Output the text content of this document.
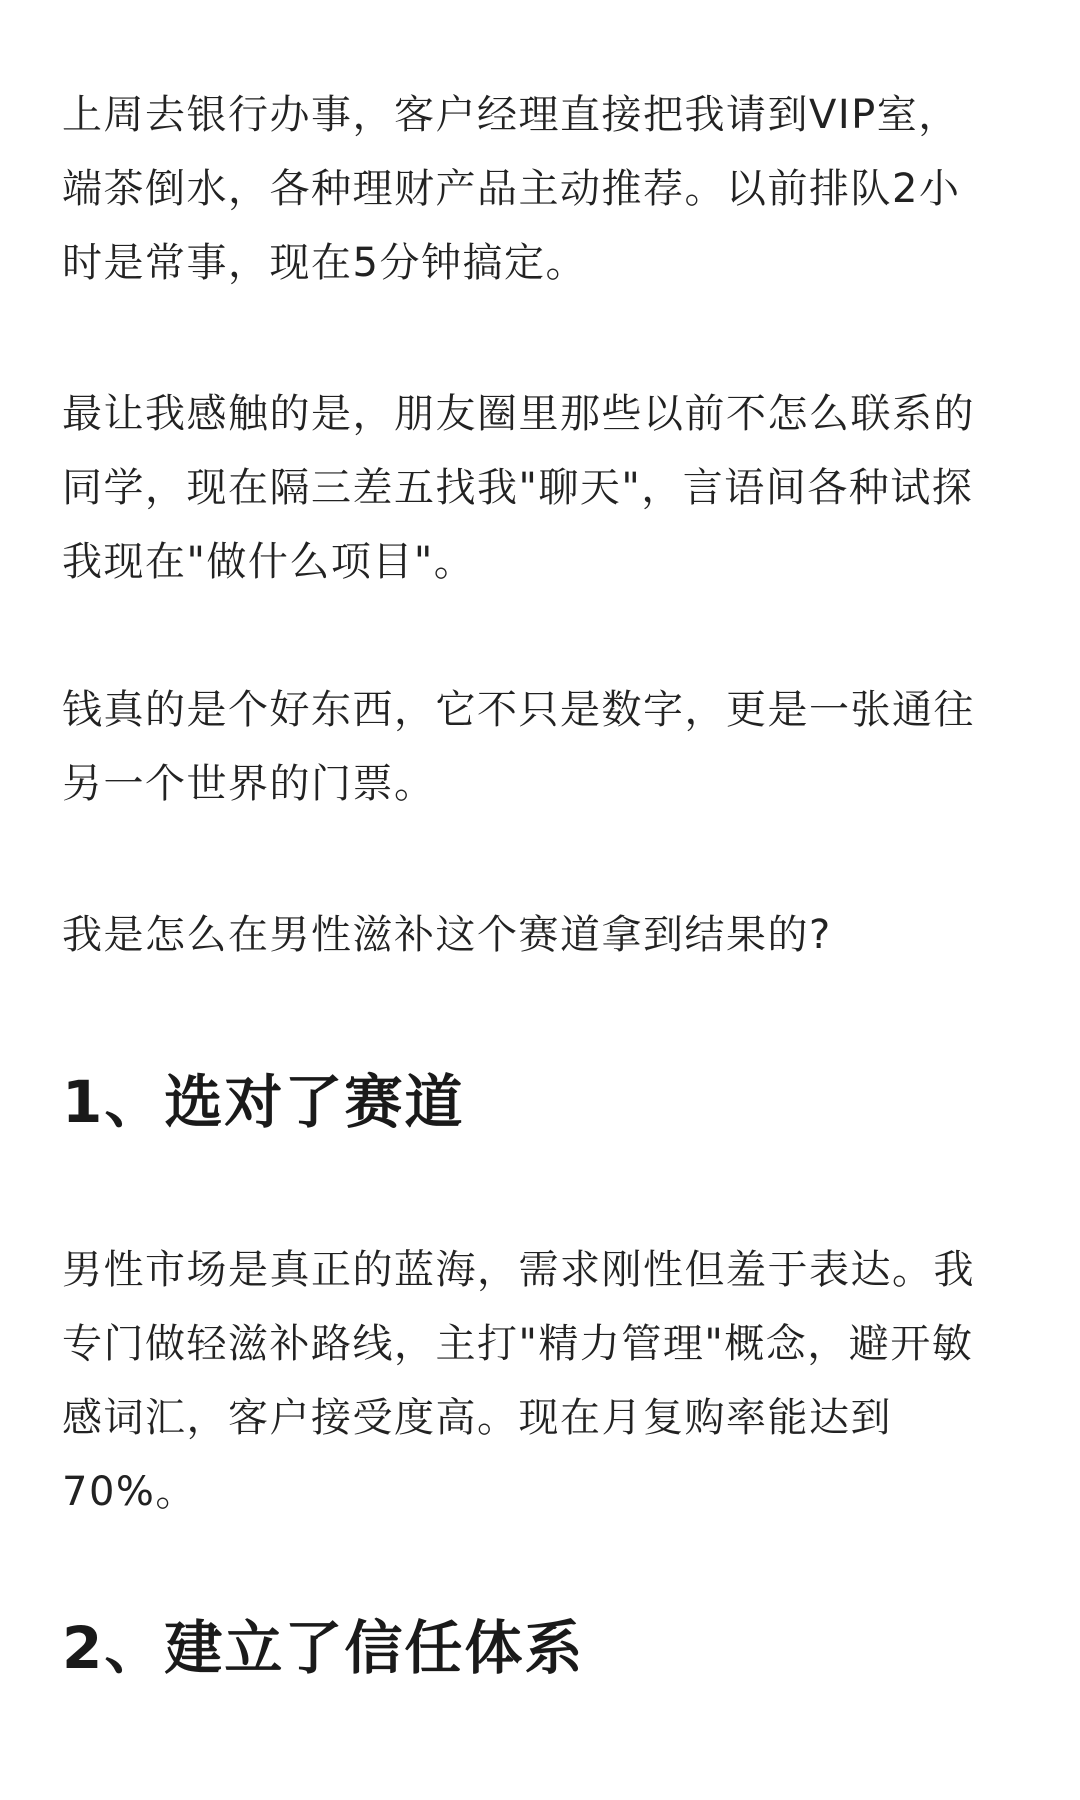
上周去银行办事，客户经理直接把我请到VIP室，
端茶倒水，各种理财产品主动推荐。以前排队2小
时是常事，现在5分钟搞定。

最让我感触的是，朋友圈里那些以前不怎么联系的
同学，现在隔三差五找我"聊天"，言语间各种试探
我现在"做什么项目"。

钱真的是个好东西，它不只是数字，更是一张通往
另一个世界的门票。

我是怎么在男性滋补这个赛道拿到结果的?

1、选对了赛道

男性市场是真正的蓝海，需求刚性但羞于表达。我
专门做轻滋补路线，主打"精力管理"概念，避开敏
感词汇，客户接受度高。现在月复购率能达到
70%。

2、建立了信任体系
